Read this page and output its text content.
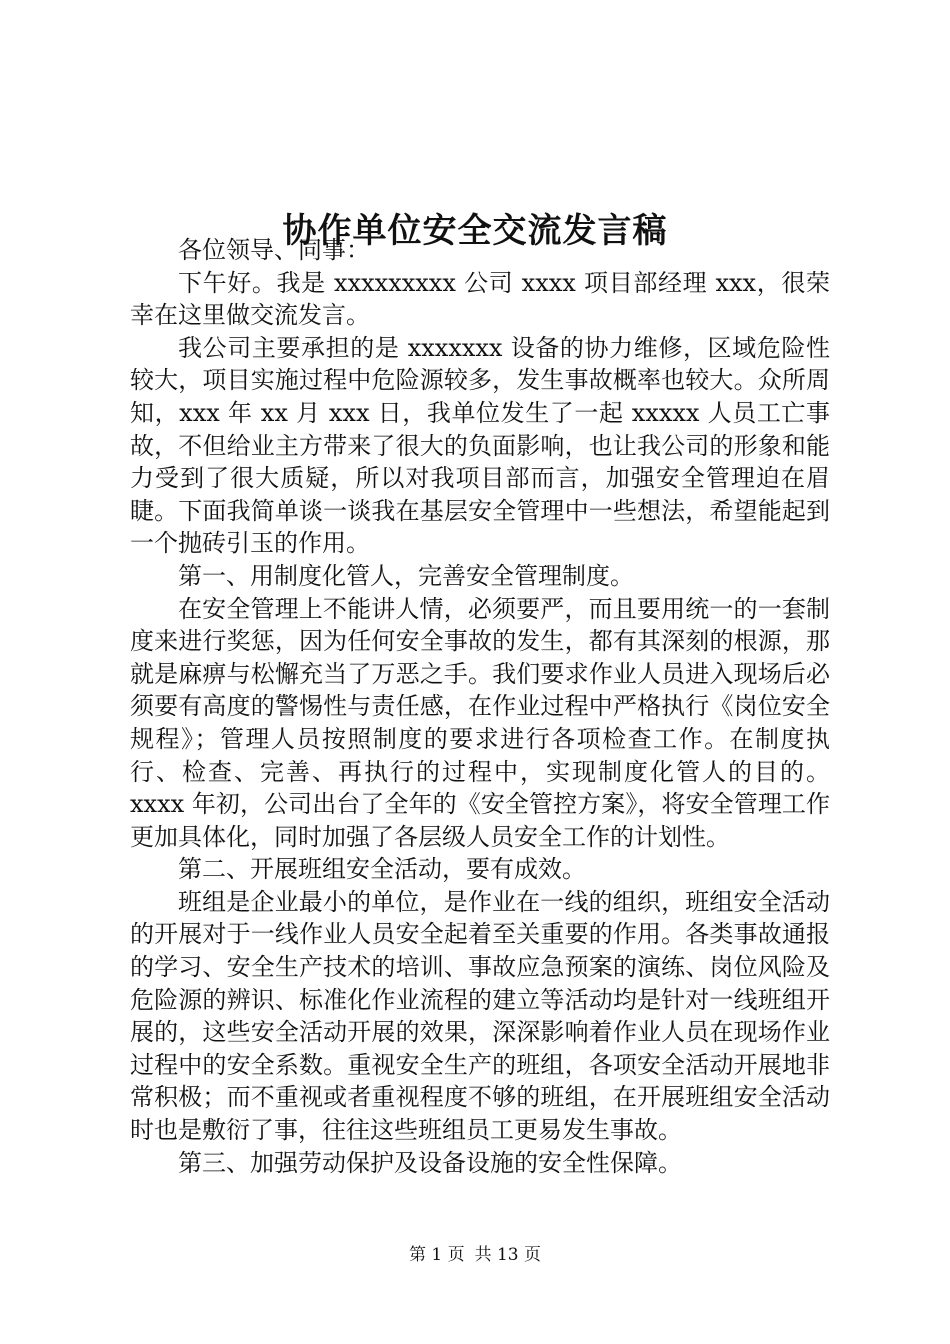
协作单位安全交流发言稿

各位领导、同事：

下午好。我是 xxxxxxxxx 公司 xxxx 项目部经理 xxx，很荣幸在这里做交流发言。

我公司主要承担的是 xxxxxxx 设备的协力维修，区域危险性较大，项目实施过程中危险源较多，发生事故概率也较大。众所周知，xxx 年 xx 月 xxx 日，我单位发生了一起 xxxxx 人员工亡事故，不但给业主方带来了很大的负面影响，也让我公司的形象和能力受到了很大质疑，所以对我项目部而言，加强安全管理迫在眉睫。下面我简单谈一谈我在基层安全管理中一些想法，希望能起到一个抛砖引玉的作用。

第一、用制度化管人，完善安全管理制度。

在安全管理上不能讲人情，必须要严，而且要用统一的一套制度来进行奖惩，因为任何安全事故的发生，都有其深刻的根源，那就是麻痹与松懈充当了万恶之手。我们要求作业人员进入现场后必须要有高度的警惕性与责任感，在作业过程中严格执行《岗位安全规程》；管理人员按照制度的要求进行各项检查工作。在制度执行、检查、完善、再执行的过程中，实现制度化管人的目的。xxxx 年初，公司出台了全年的《安全管控方案》，将安全管理工作更加具体化，同时加强了各层级人员安全工作的计划性。

第二、开展班组安全活动，要有成效。

班组是企业最小的单位，是作业在一线的组织，班组安全活动的开展对于一线作业人员安全起着至关重要的作用。各类事故通报的学习、安全生产技术的培训、事故应急预案的演练、岗位风险及危险源的辨识、标准化作业流程的建立等活动均是针对一线班组开展的，这些安全活动开展的效果，深深影响着作业人员在现场作业过程中的安全系数。重视安全生产的班组，各项安全活动开展地非常积极；而不重视或者重视程度不够的班组，在开展班组安全活动时也是敷衍了事，往往这些班组员工更易发生事故。

第三、加强劳动保护及设备设施的安全性保障。

第 1 页 共 13 页
